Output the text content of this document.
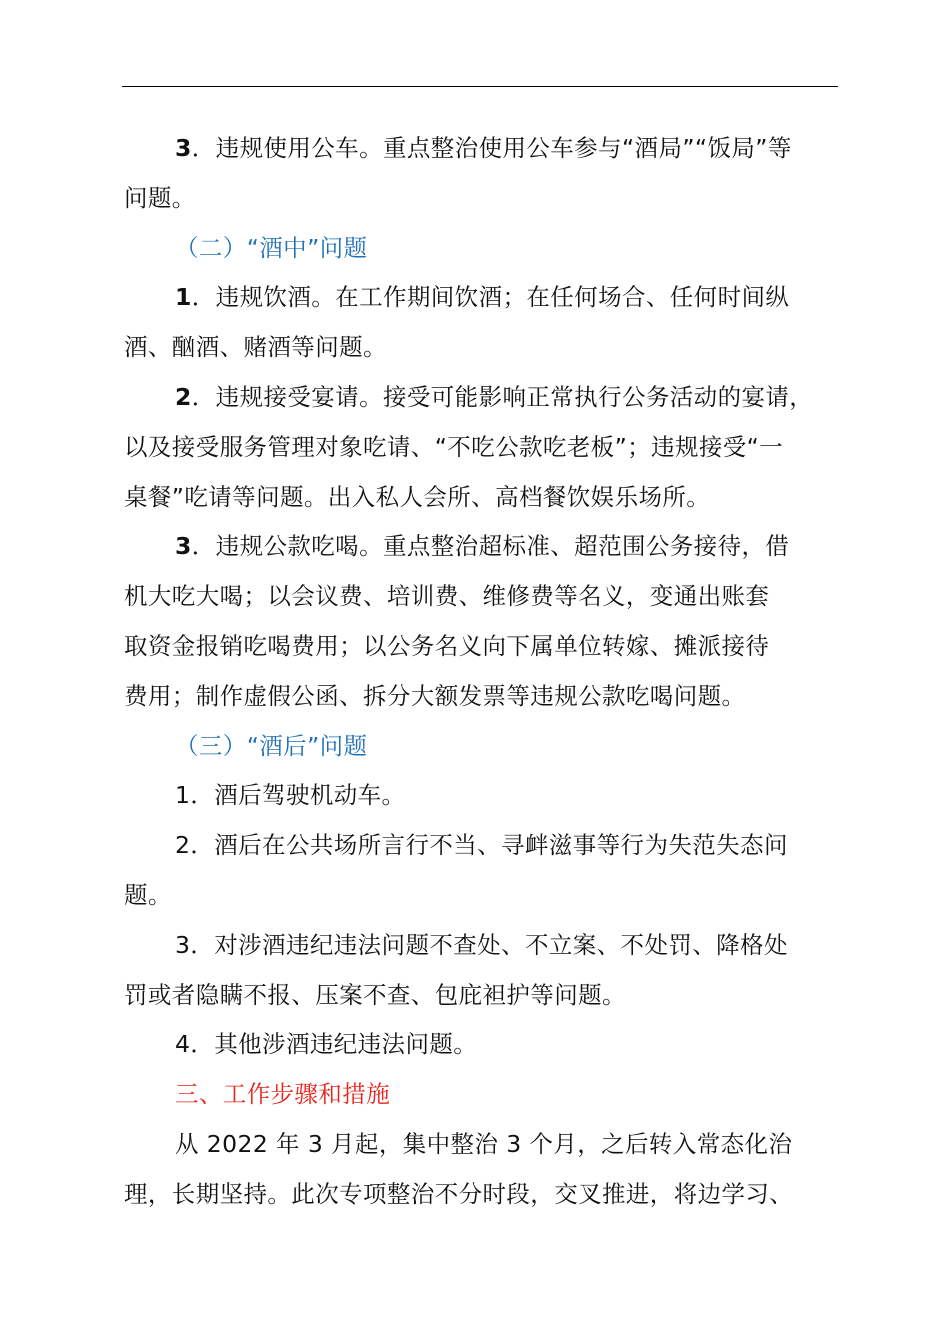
3．违规使用公车。重点整治使用公车参与“酒局”“饭局”等

问题。

（二）“酒中”问题

1．违规饮酒。在工作期间饮酒；在任何场合、任何时间纵

酒、酗酒、赌酒等问题。

2．违规接受宴请。接受可能影响正常执行公务活动的宴请，

以及接受服务管理对象吃请、“不吃公款吃老板”；违规接受“一

桌餐”吃请等问题。出入私人会所、高档餐饮娱乐场所。

3．违规公款吃喝。重点整治超标准、超范围公务接待，借

机大吃大喝；以会议费、培训费、维修费等名义，变通出账套

取资金报销吃喝费用；以公务名义向下属单位转嫁、摊派接待

费用；制作虚假公函、拆分大额发票等违规公款吃喝问题。

（三）“酒后”问题

1．酒后驾驶机动车。

2．酒后在公共场所言行不当、寻衅滋事等行为失范失态问

题。

3．对涉酒违纪违法问题不查处、不立案、不处罚、降格处

罚或者隐瞒不报、压案不查、包庇袒护等问题。

4．其他涉酒违纪违法问题。

三、工作步骤和措施

从 2022 年 3 月起，集中整治 3 个月，之后转入常态化治

理，长期坚持。此次专项整治不分时段，交叉推进，将边学习、
